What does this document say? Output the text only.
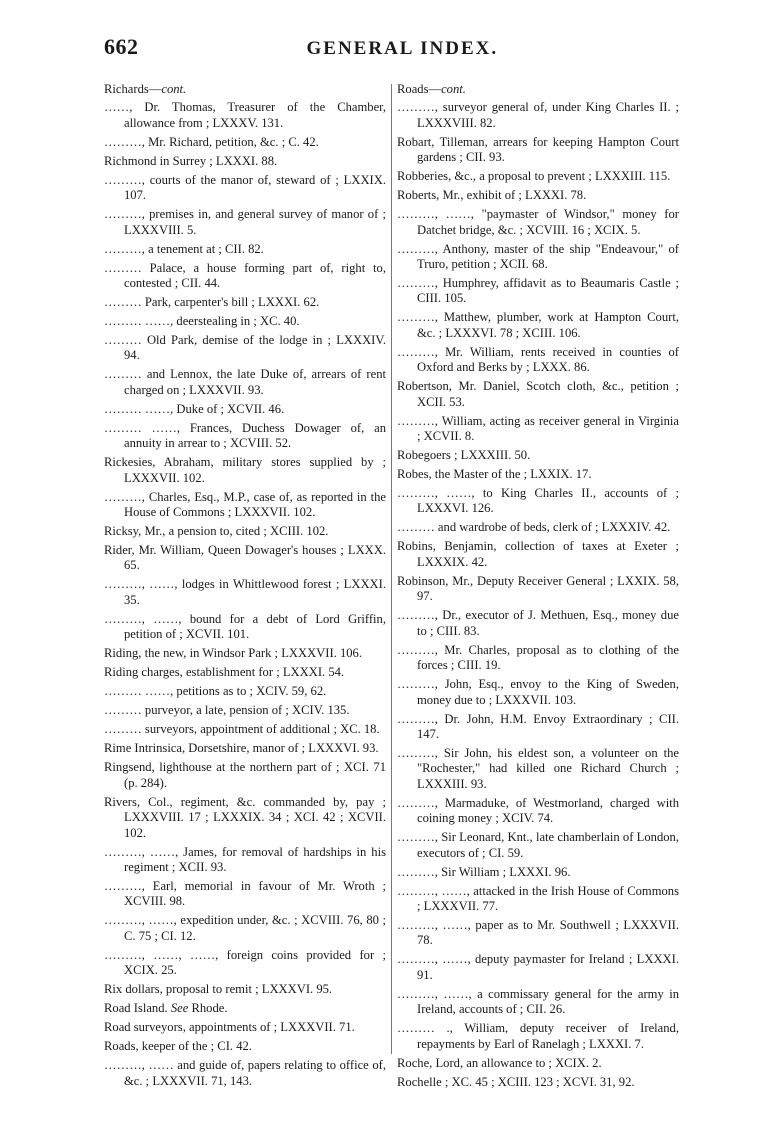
662	GENERAL INDEX.

Richards—cont.

……, Dr. Thomas, Treasurer of the Chamber, allowance from ; LXXXV. 131.

………, Mr. Richard, petition, &c. ; C. 42.

Richmond in Surrey ; LXXXI. 88.

………, courts of the manor of, steward of ; LXXIX. 107.

………, premises in, and general survey of manor of ; LXXXVIII. 5.

………, a tenement at ; CII. 82.

……… Palace, a house forming part of, right to, contested ; CII. 44.

……… Park, carpenter's bill ; LXXXI. 62.

……… ……, deerstealing in ; XC. 40.

……… Old Park, demise of the lodge in ; LXXXIV. 94.

……… and Lennox, the late Duke of, arrears of rent charged on ; LXXXVII. 93.

……… ……, Duke of ; XCVII. 46.

……… ……, Frances, Duchess Dowager of, an annuity in arrear to ; XCVIII. 52.

Rickesies, Abraham, military stores supplied by ; LXXXVII. 102.

………, Charles, Esq., M.P., case of, as reported in the House of Commons ; LXXXVII. 102.

Ricksy, Mr., a pension to, cited ; XCIII. 102.

Rider, Mr. William, Queen Dowager's houses ; LXXX. 65.

………, ……, lodges in Whittlewood forest ; LXXXI. 35.

………, ……, bound for a debt of Lord Griffin, petition of ; XCVII. 101.

Riding, the new, in Windsor Park ; LXXXVII. 106.

Riding charges, establishment for ; LXXXI. 54.

……… ……, petitions as to ; XCIV. 59, 62.

……… purveyor, a late, pension of ; XCIV. 135.

……… surveyors, appointment of additional ; XC. 18.

Rime Intrinsica, Dorsetshire, manor of ; LXXXVI. 93.

Ringsend, lighthouse at the northern part of ; XCI. 71 (p. 284).

Rivers, Col., regiment, &c. commanded by, pay ; LXXXVIII. 17 ; LXXXIX. 34 ; XCI. 42 ; XCVII. 102.

………, ……, James, for removal of hardships in his regiment ; XCII. 93.

………, Earl, memorial in favour of Mr. Wroth ; XCVIII. 98.

………, ……, expedition under, &c. ; XCVIII. 76, 80 ; C. 75 ; CI. 12.

………, ……, ……, foreign coins provided for ; XCIX. 25.

Rix dollars, proposal to remit ; LXXXVI. 95.

Road Island. See Rhode.

Road surveyors, appointments of ; LXXXVII. 71.

Roads, keeper of the ; CI. 42.

………, …… and guide of, papers relating to office of, &c. ; LXXXVII. 71, 143.

Roads—cont.

………, surveyor general of, under King Charles II. ; LXXXVIII. 82.

Robart, Tilleman, arrears for keeping Hampton Court gardens ; CII. 93.

Robberies, &c., a proposal to prevent ; LXXXIII. 115.

Roberts, Mr., exhibit of ; LXXXI. 78.

………, ……, "paymaster of Windsor," money for Datchet bridge, &c. ; XCVIII. 16 ; XCIX. 5.

………, Anthony, master of the ship "Endeavour," of Truro, petition ; XCII. 68.

………, Humphrey, affidavit as to Beaumaris Castle ; CIII. 105.

………, Matthew, plumber, work at Hampton Court, &c. ; LXXXVI. 78 ; XCIII. 106.

………, Mr. William, rents received in counties of Oxford and Berks by ; LXXX. 86.

Robertson, Mr. Daniel, Scotch cloth, &c., petition ; XCII. 53.

………, William, acting as receiver general in Virginia ; XCVII. 8.

Robegoers ; LXXXIII. 50.

Robes, the Master of the ; LXXIX. 17.

………, ……, to King Charles II., accounts of ; LXXXVI. 126.

……… and wardrobe of beds, clerk of ; LXXXIV. 42.

Robins, Benjamin, collection of taxes at Exeter ; LXXXIX. 42.

Robinson, Mr., Deputy Receiver General ; LXXIX. 58, 97.

………, Dr., executor of J. Methuen, Esq., money due to ; CIII. 83.

………, Mr. Charles, proposal as to clothing of the forces ; CIII. 19.

………, John, Esq., envoy to the King of Sweden, money due to ; LXXXVII. 103.

………, Dr. John, H.M. Envoy Extraordinary ; CII. 147.

………, Sir John, his eldest son, a volunteer on the "Rochester," had killed one Richard Church ; LXXXIII. 93.

………, Marmaduke, of Westmorland, charged with coining money ; XCIV. 74.

………, Sir Leonard, Knt., late chamberlain of London, executors of ; CI. 59.

………, Sir William ; LXXXI. 96.

………, ……, attacked in the Irish House of Commons ; LXXXVII. 77.

………, ……, paper as to Mr. Southwell ; LXXXVII. 78.

………, ……, deputy paymaster for Ireland ; LXXXI. 91.

………, ……, a commissary general for the army in Ireland, accounts of ; CII. 26.

……… ., William, deputy receiver of Ireland, repayments by Earl of Ranelagh ; LXXXI. 7.

Roche, Lord, an allowance to ; XCIX. 2.

Rochelle ; XC. 45 ; XCIII. 123 ; XCVI. 31, 92.
